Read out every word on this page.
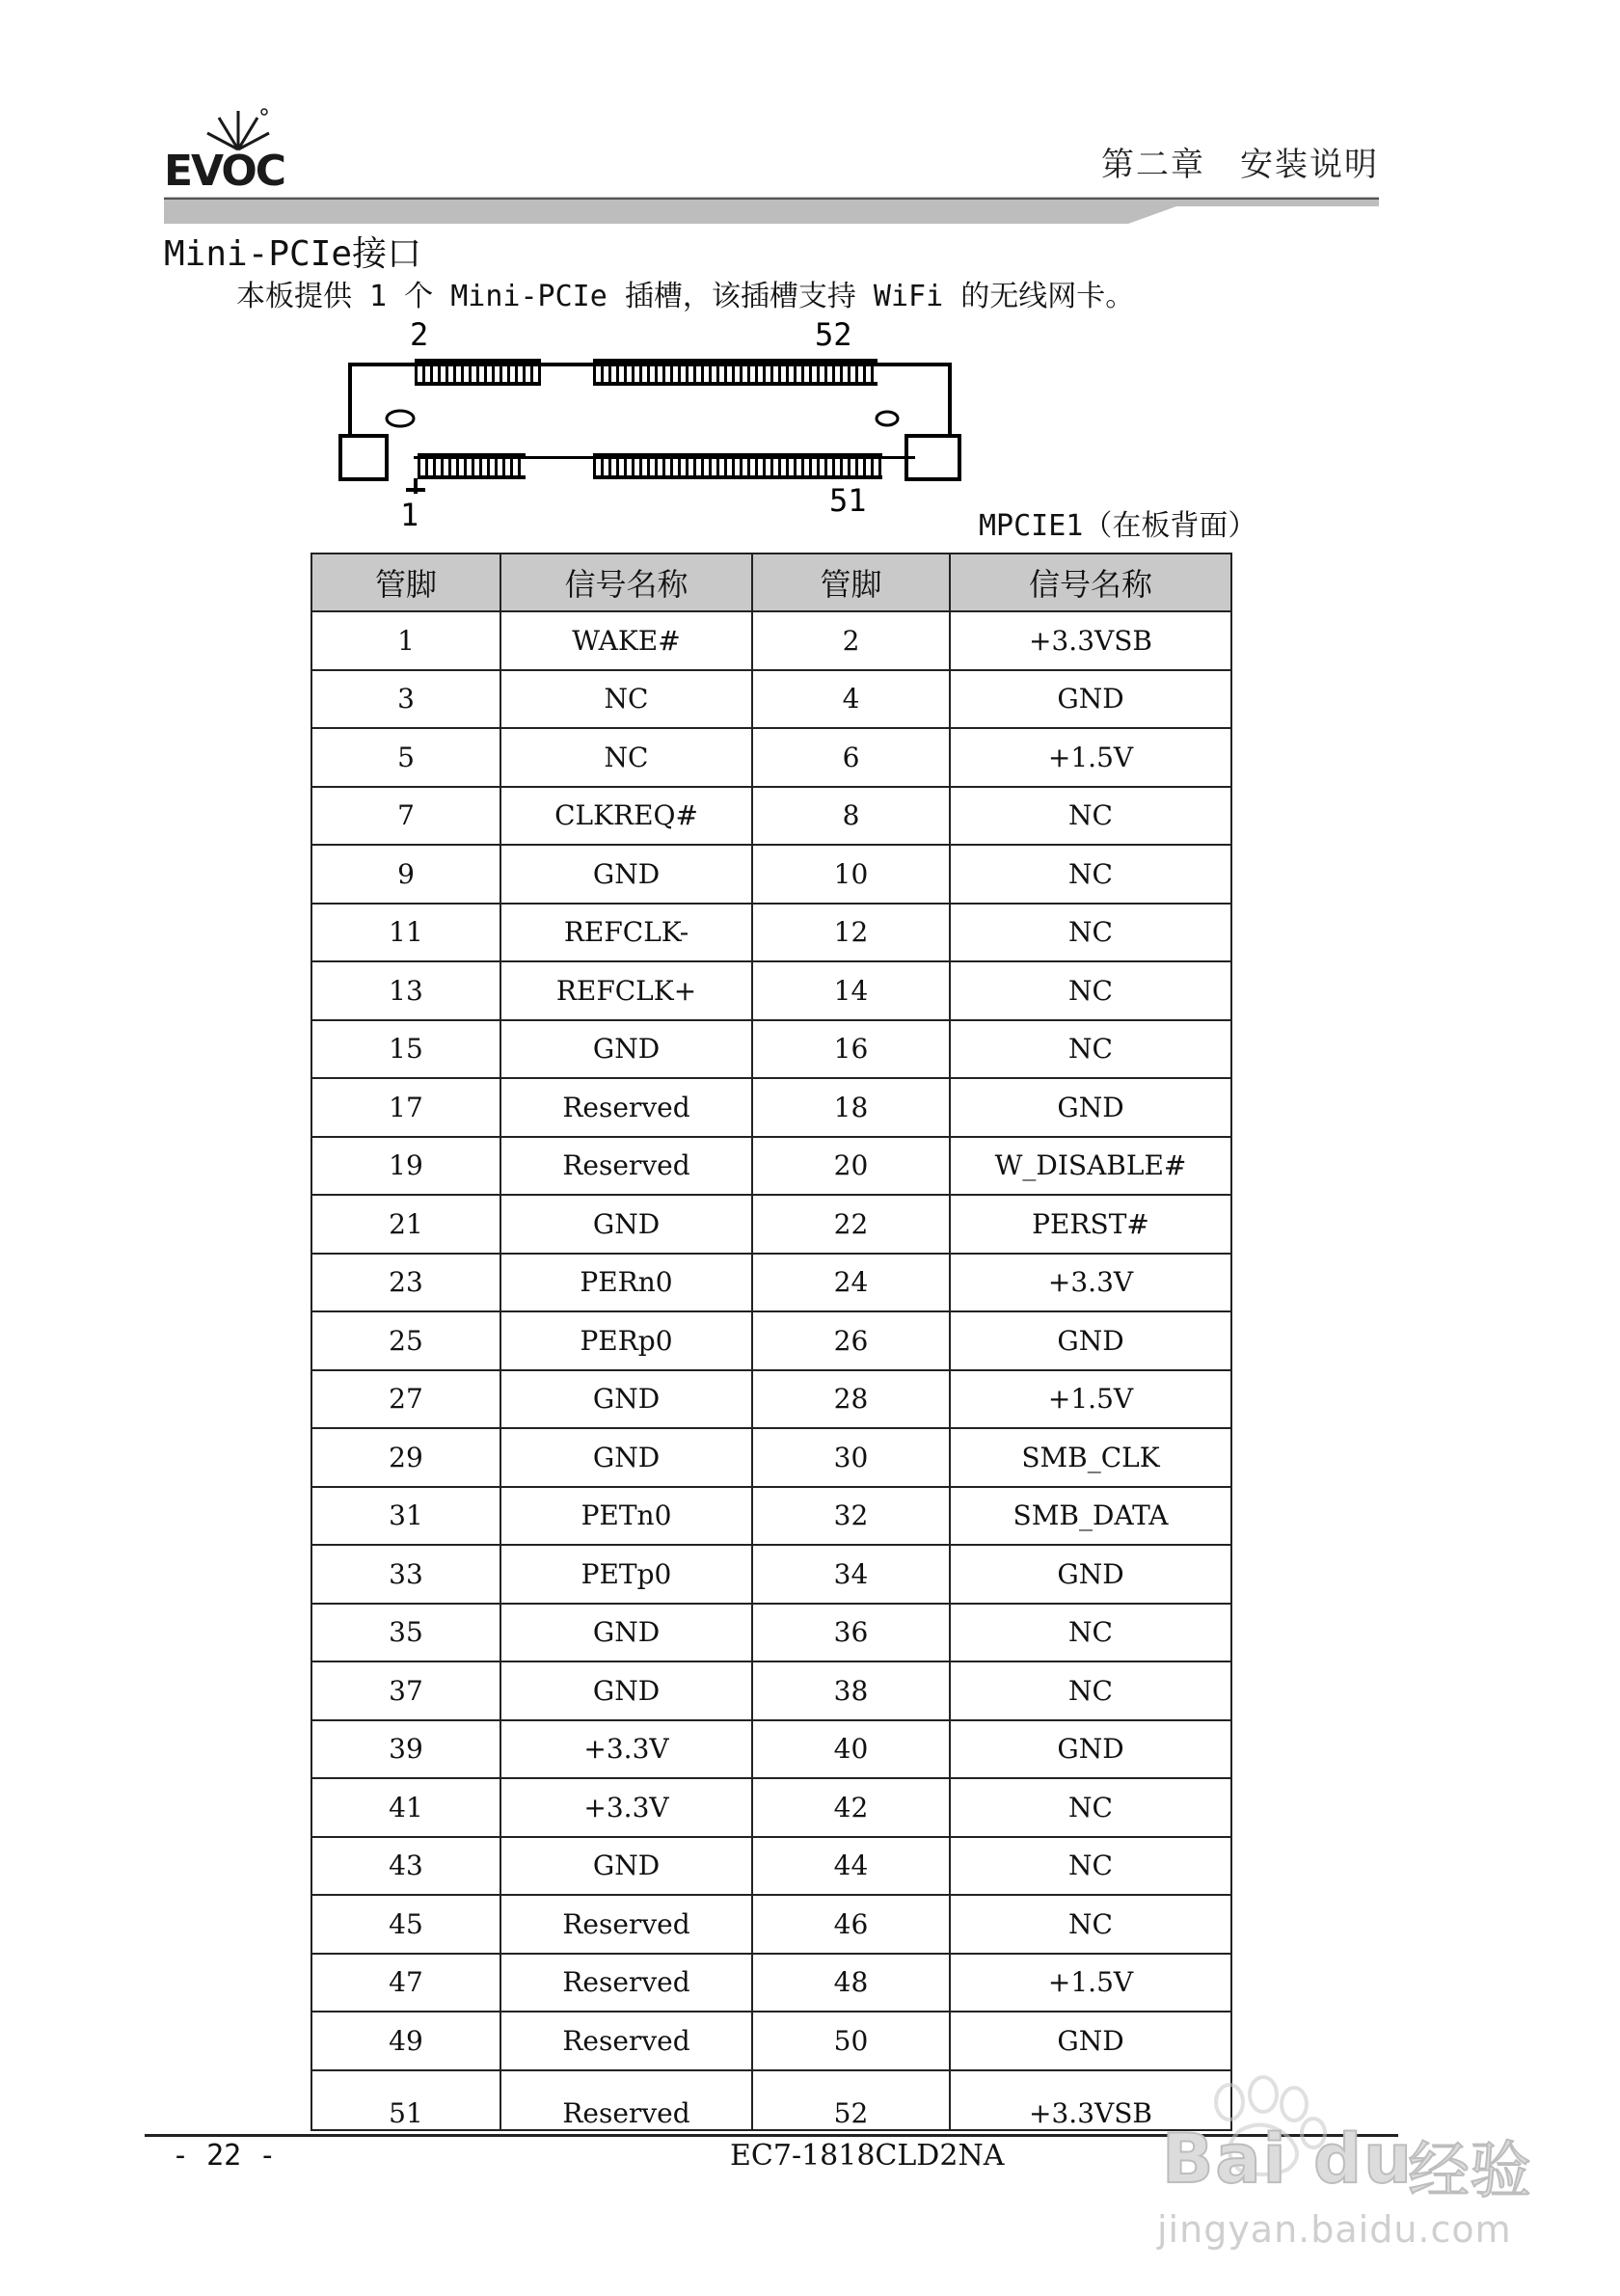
EVOC	第二章　安装说明
Mini-PCIe接口
本板提供 1 个 Mini-PCIe 插槽，该插槽支持 WiFi 的无线网卡。
2	52
1	51
MPCIE1（在板背面）
管脚	信号名称	管脚	信号名称
1	WAKE#	2	+3.3VSB
3	NC	4	GND
5	NC	6	+1.5V
7	CLKREQ#	8	NC
9	GND	10	NC
11	REFCLK-	12	NC
13	REFCLK+	14	NC
15	GND	16	NC
17	Reserved	18	GND
19	Reserved	20	W_DISABLE#
21	GND	22	PERST#
23	PERn0	24	+3.3V
25	PERp0	26	GND
27	GND	28	+1.5V
29	GND	30	SMB_CLK
31	PETn0	32	SMB_DATA
33	PETp0	34	GND
35	GND	36	NC
37	GND	38	NC
39	+3.3V	40	GND
41	+3.3V	42	NC
43	GND	44	NC
45	Reserved	46	NC
47	Reserved	48	+1.5V
49	Reserved	50	GND
51	Reserved	52	+3.3VSB
- 22 -	EC7-1818CLD2NA Bai du
经验
jingyan.baidu.com
